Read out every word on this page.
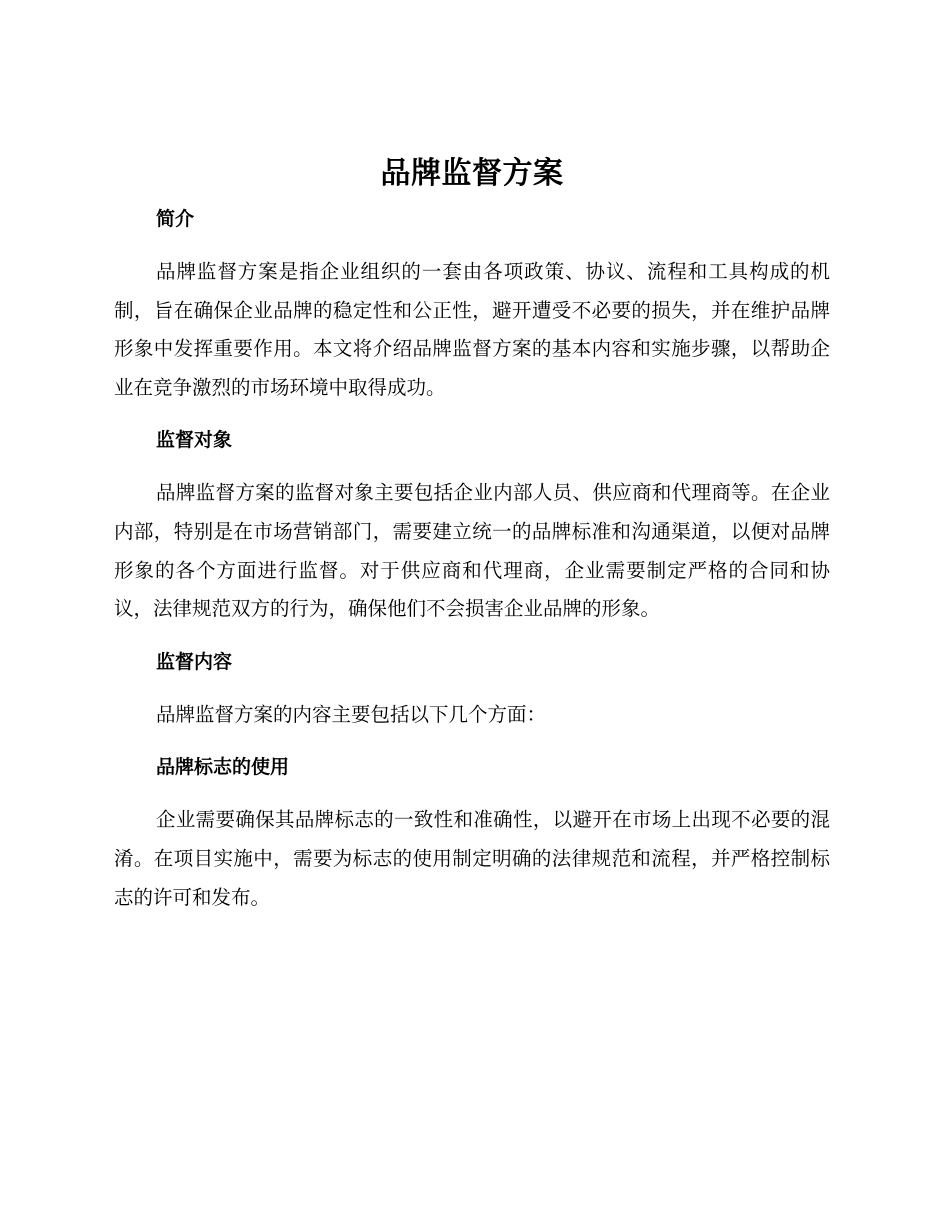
品牌监督方案
简介

品牌监督方案是指企业组织的一套由各项政策、协议、流程和工具构成的机制，旨在确保企业品牌的稳定性和公正性，避开遭受不必要的损失，并在维护品牌形象中发挥重要作用。本文将介绍品牌监督方案的基本内容和实施步骤，以帮助企业在竞争激烈的市场环境中取得成功。

监督对象

品牌监督方案的监督对象主要包括企业内部人员、供应商和代理商等。在企业内部，特别是在市场营销部门，需要建立统一的品牌标准和沟通渠道，以便对品牌形象的各个方面进行监督。对于供应商和代理商，企业需要制定严格的合同和协议，法律规范双方的行为，确保他们不会损害企业品牌的形象。

监督内容

品牌监督方案的内容主要包括以下几个方面：

品牌标志的使用

企业需要确保其品牌标志的一致性和准确性，以避开在市场上出现不必要的混淆。在项目实施中，需要为标志的使用制定明确的法律规范和流程，并严格控制标志的许可和发布。
